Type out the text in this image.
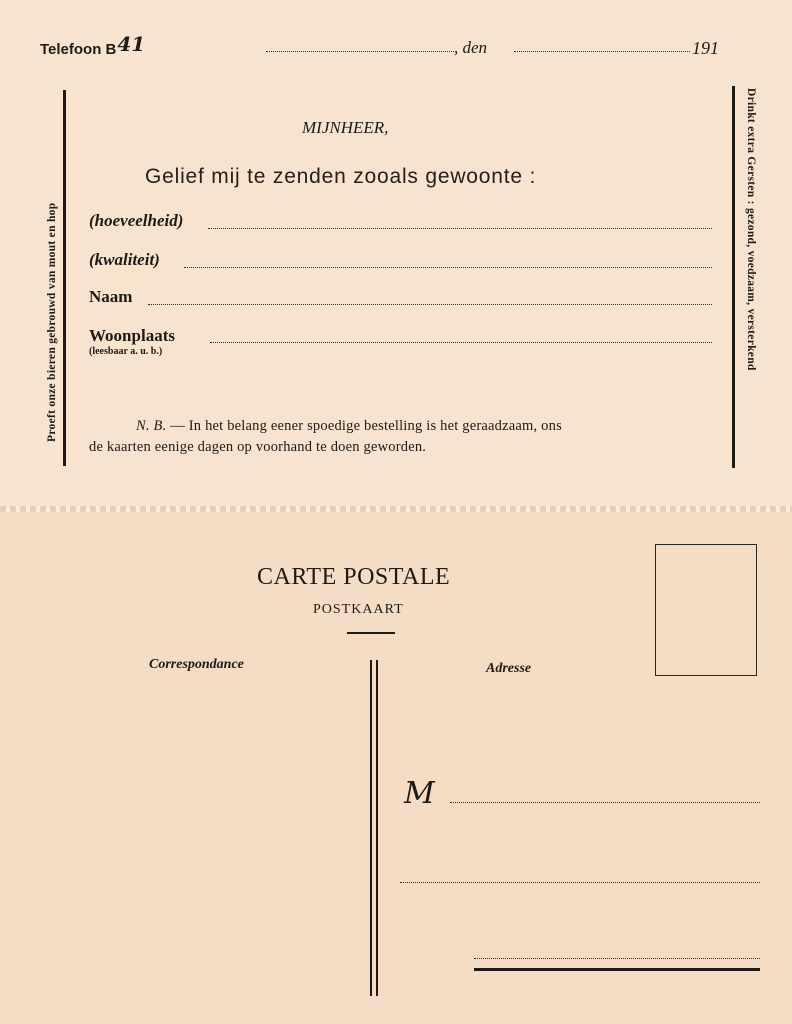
Telefoon B41	, den	191
Proeft onze bieren gebrouwd van mout en hop	Drinkt extra Gersten : gezond, voedzaam, versterkend
MIJNHEER,
Gelief mij te zenden zooals gewoonte :
(hoeveelheid)
(kwaliteit)
Naam
Woonplaats
(leesbaar a. u. b.)
N. B. — In het belang eener spoedige bestelling is het geraadzaam, ons
de kaarten eenige dagen op voorhand te doen geworden.
CARTE POSTALE
POSTKAART
Correspondance	Adresse
M
